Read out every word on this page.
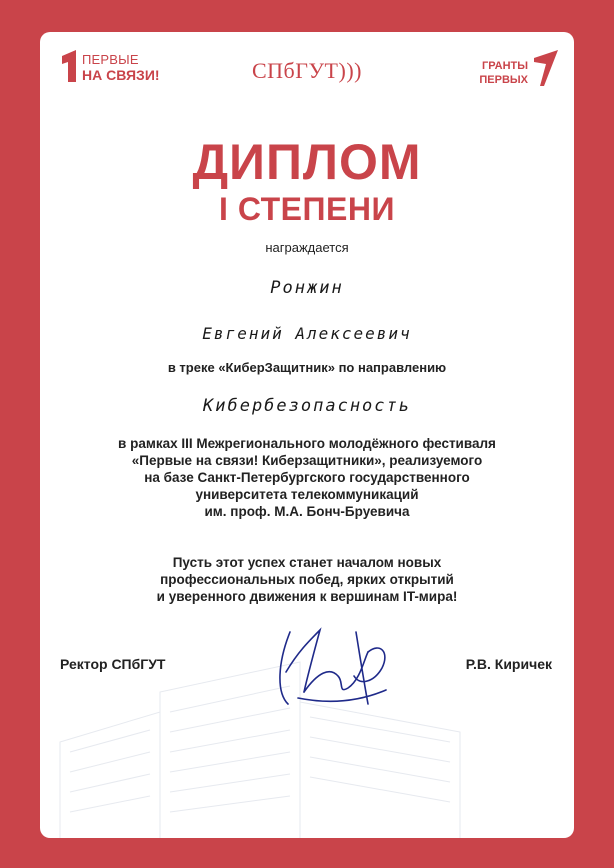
ПЕРВЫЕ
НА СВЯЗИ!	СПбГУТ)))	ГРАНТЫ
ПЕРВЫХ
ДИПЛОМ
I СТЕПЕНИ
награждается
Ронжин
Евгений Алексеевич
в треке «КиберЗащитник» по направлению
Кибербезопасность
в рамках III Межрегионального молодёжного фестиваля
«Первые на связи! Киберзащитники», реализуемого
на базе Санкт-Петербургского государственного
университета телекоммуникаций
им. проф. М.А. Бонч-Бруевича
Пусть этот успех станет началом новых
профессиональных побед, ярких открытий
и уверенного движения к вершинам IT-мира!
Ректор СПбГУТ	Р.В. Киричек
